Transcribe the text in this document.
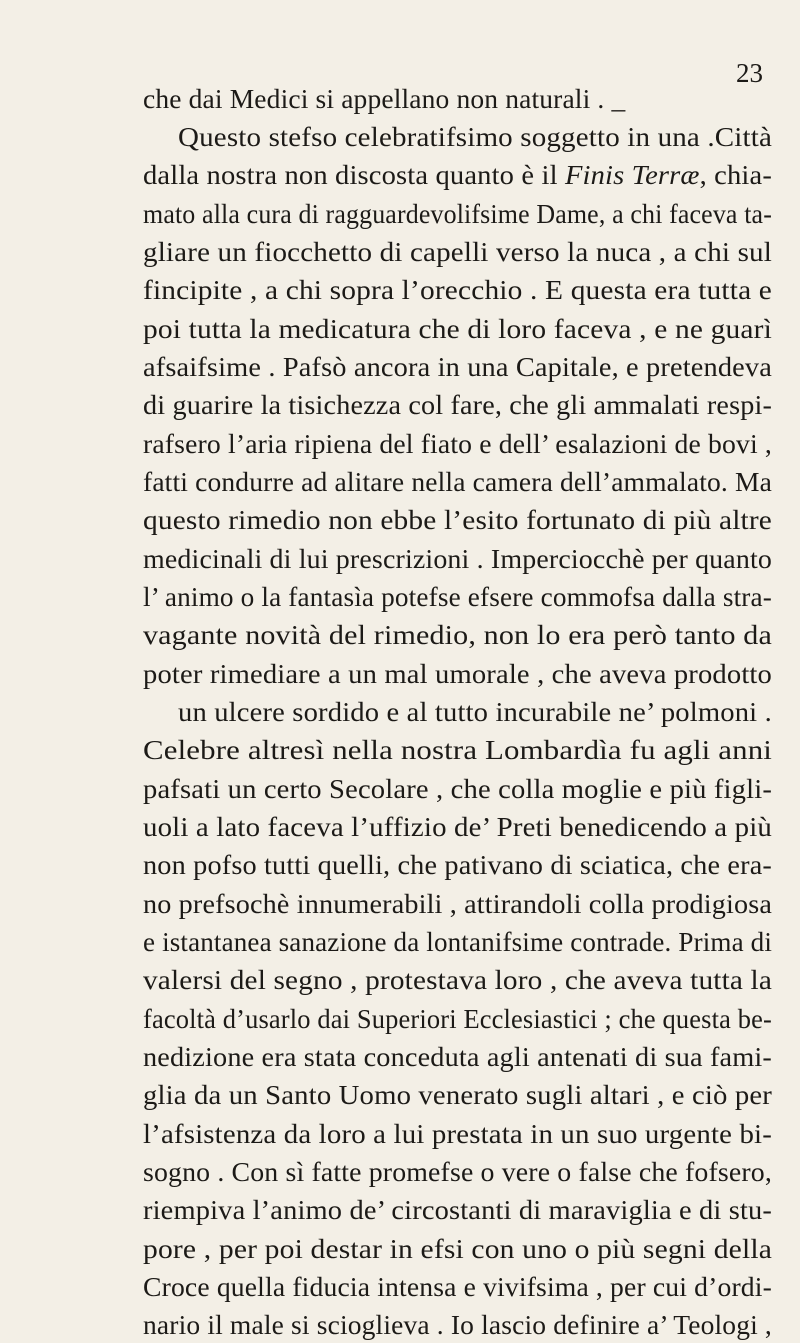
23
che dai Medici si appellano non naturali . _
Questo stefso celebratifsimo soggetto in una .Città
dalla nostra non discosta quanto è il Finis Terræ, chia-
mato alla cura di ragguardevolifsime Dame, a chi faceva ta-
gliare un fiocchetto di capelli verso la nuca , a chi sul
fincipite , a chi sopra l’orecchio . E questa era tutta e
poi tutta la medicatura che di loro faceva , e ne guarì
afsaifsime . Pafsò ancora in una Capitale, e pretendeva
di guarire la tisichezza col fare, che gli ammalati respi-
rafsero l’aria ripiena del fiato e dell’ esalazioni de bovi ,
fatti condurre ad alitare nella camera dell’ammalato. Ma
questo rimedio non ebbe l’esito fortunato di più altre
medicinali di lui prescrizioni . Imperciocchè per quanto
l’ animo o la fantasìa potefse efsere commofsa dalla stra-
vagante novità del rimedio, non lo era però tanto da
poter rimediare a un mal umorale , che aveva prodotto
un ulcere sordido e al tutto incurabile ne’ polmoni .
Celebre altresì nella nostra Lombardìa fu agli anni
pafsati un certo Secolare , che colla moglie e più figli-
uoli a lato faceva l’uffizio de’ Preti benedicendo a più
non pofso tutti quelli, che pativano di sciatica, che era-
no prefsochè innumerabili , attirandoli colla prodigiosa
e istantanea sanazione da lontanifsime contrade. Prima di
valersi del segno , protestava loro , che aveva tutta la
facoltà d’usarlo dai Superiori Ecclesiastici ; che questa be-
nedizione era stata conceduta agli antenati di sua fami-
glia da un Santo Uomo venerato sugli altari , e ciò per
l’afsistenza da loro a lui prestata in un suo urgente bi-
sogno . Con sì fatte promefse o vere o false che fofsero,
riempiva l’animo de’ circostanti di maraviglia e di stu-
pore , per poi destar in efsi con uno o più segni della
Croce quella fiducia intensa e vivifsima , per cui d’ordi-
nario il male si scioglieva . Io lascio definire a’ Teologi ,
